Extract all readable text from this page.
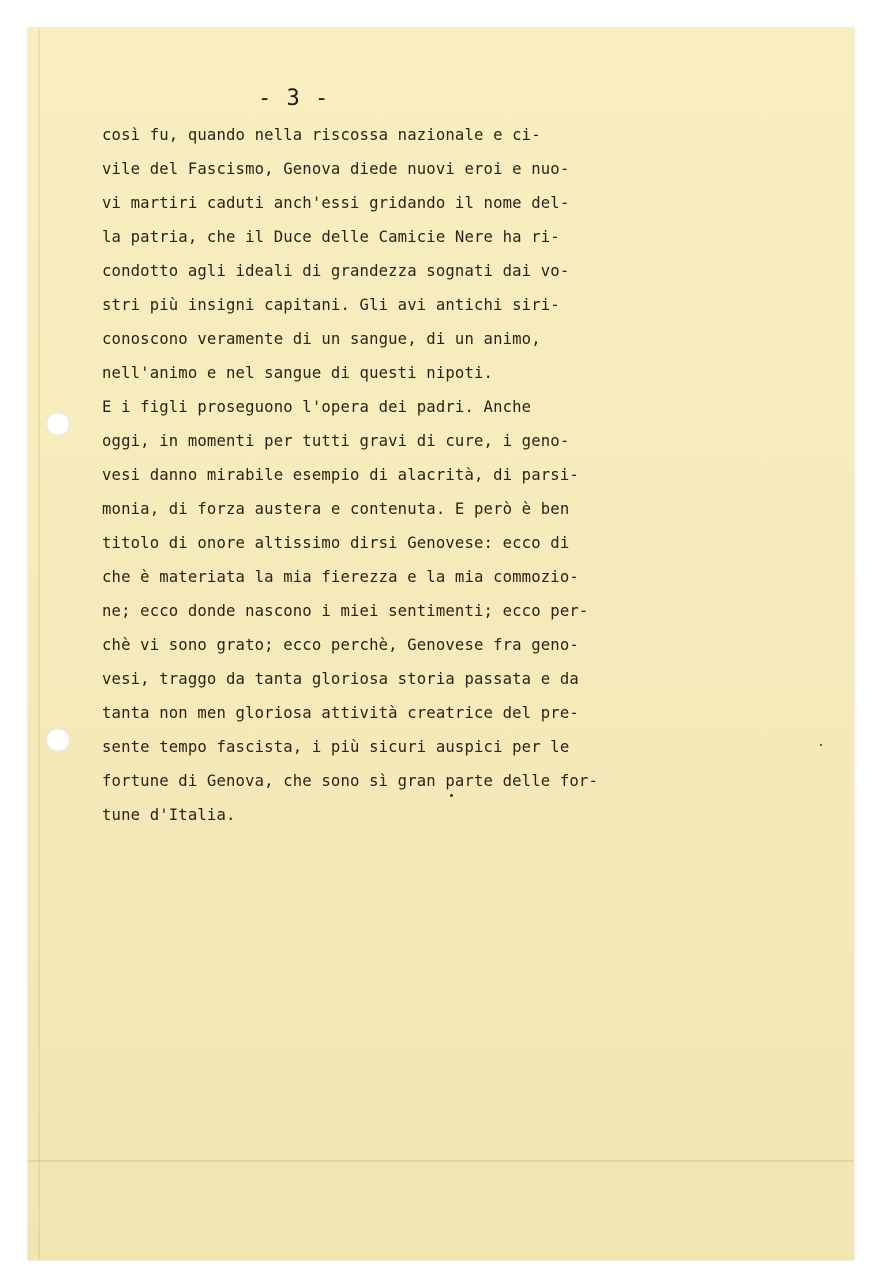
- 3 -
così fu, quando nella riscossa nazionale e ci-
vile del Fascismo, Genova diede nuovi eroi e nuo-
vi martiri caduti anch'essi gridando il nome del-
la patria, che il Duce delle Camicie Nere ha ri-
condotto agli ideali di grandezza sognati dai vo-
stri più insigni capitani. Gli avi antichi siri-
conoscono veramente di un sangue, di un animo,
nell'animo e nel sangue di questi nipoti.
E i figli proseguono l'opera dei padri. Anche
oggi, in momenti per tutti gravi di cure, i geno-
vesi danno mirabile esempio di alacrità, di parsi-
monia, di forza austera e contenuta. E però è ben
titolo di onore altissimo dirsi Genovese: ecco di
che è materiata la mia fierezza e la mia commozio-
ne; ecco donde nascono i miei sentimenti; ecco per-
chè vi sono grato; ecco perchè, Genovese fra geno-
vesi, traggo da tanta gloriosa storia passata e da
tanta non men gloriosa attività creatrice del pre-
sente tempo fascista, i più sicuri auspici per le
fortune di Genova, che sono sì gran parte delle for-
tune d'Italia.
